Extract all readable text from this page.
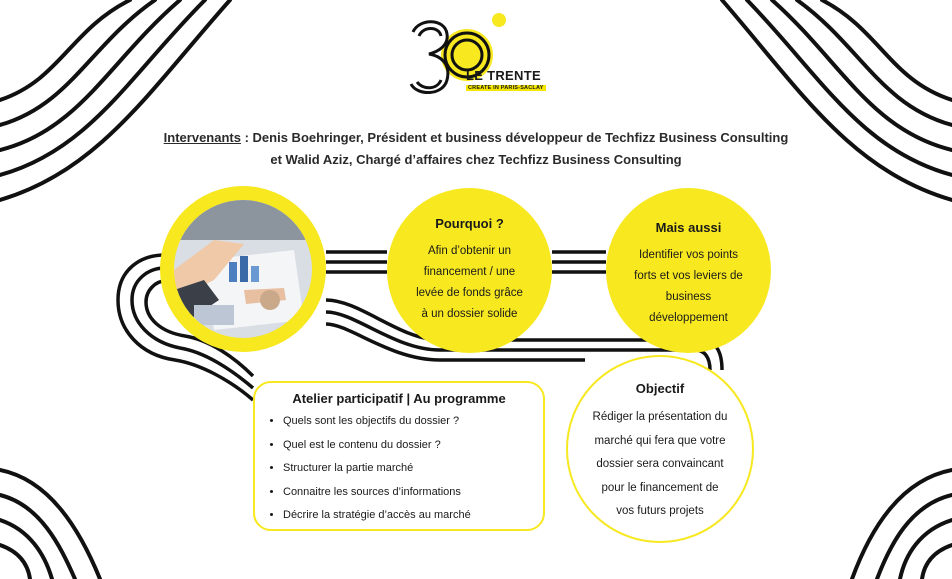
LE TRENTE
CREATE IN PARIS-SACLAY
Intervenants : Denis Boehringer, Président et business développeur de Techfizz Business Consulting
et Walid Aziz, Chargé d’affaires chez Techfizz Business Consulting
Pourquoi ?
Afin d’obtenir un
financement / une
levée de fonds grâce
à un dossier solide
Mais aussi
Identifier vos points
forts et vos leviers de
business
développement
Atelier participatif | Au programme
• Quels sont les objectifs du dossier ?
• Quel est le contenu du dossier ?
• Structurer la partie marché
• Connaitre les sources d’informations
• Décrire la stratégie d’accès au marché
Objectif
Rédiger la présentation du
marché qui fera que votre
dossier sera convaincant
pour le financement de
vos futurs projets
